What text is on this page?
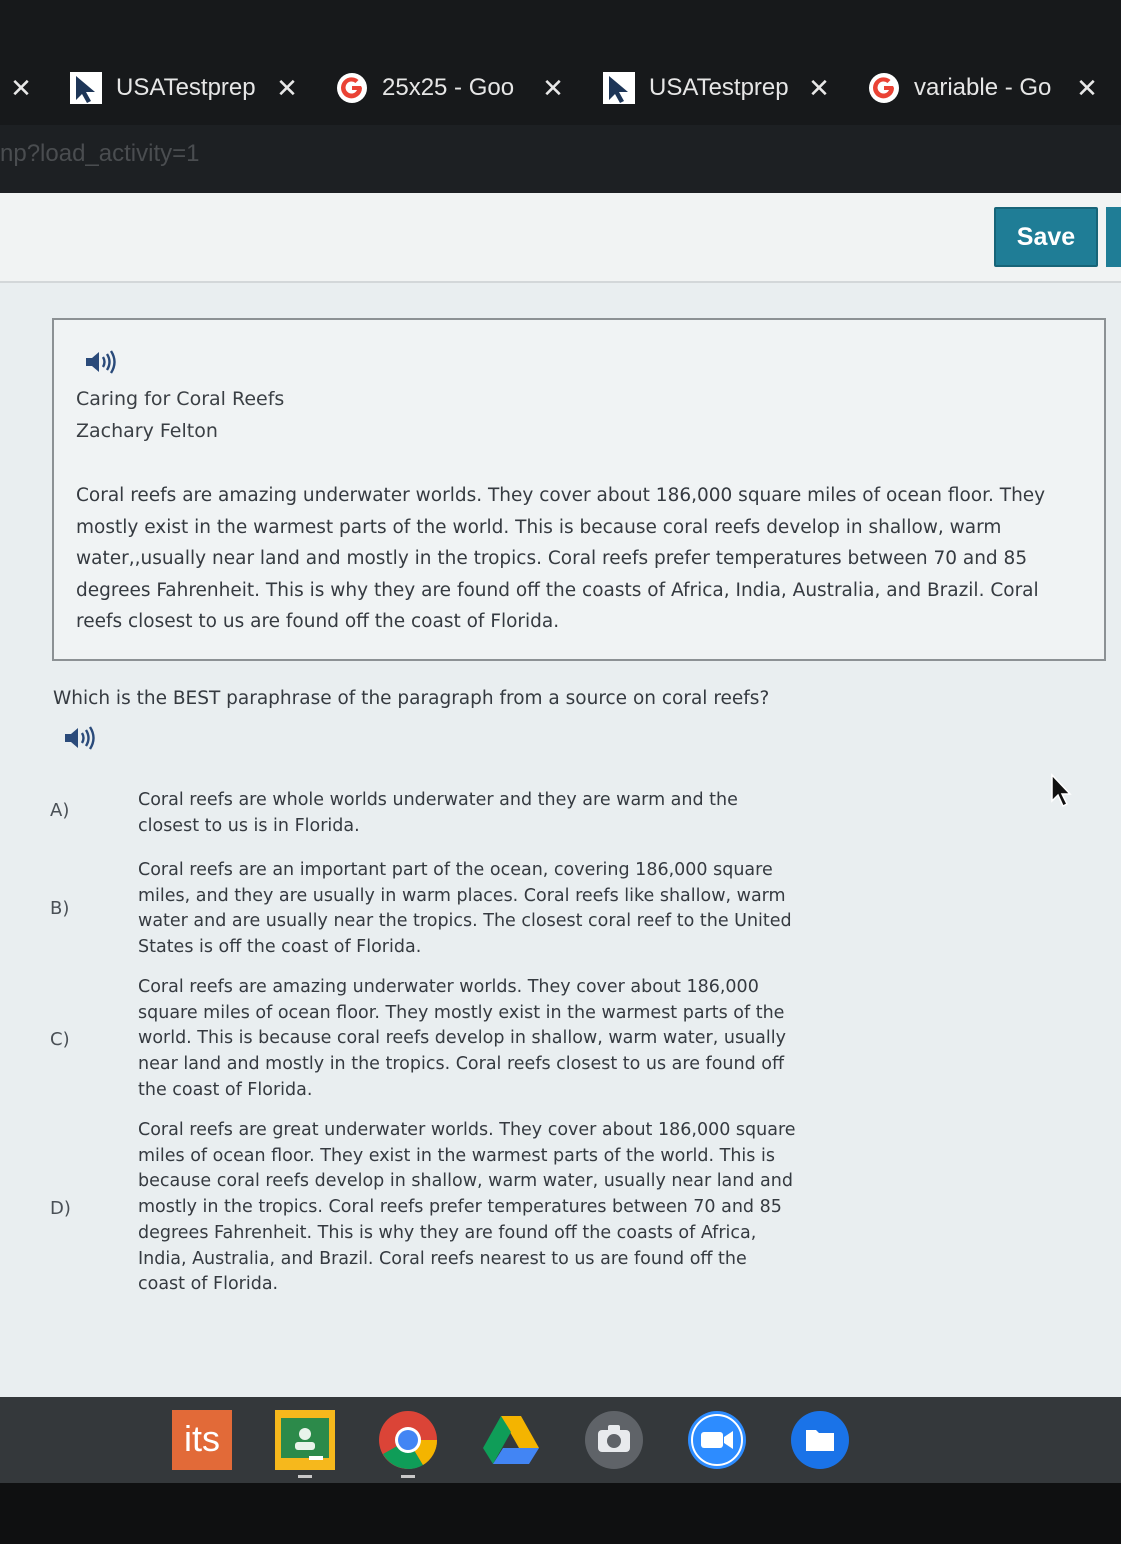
✕	USATestprep ✕	25x25 - Goo ✕	USATestprep ✕	variable - Go ✕
np?load_activity=1
Save
Caring for Coral Reefs
Zachary Felton
Coral reefs are amazing underwater worlds. They cover about 186,000 square miles of ocean floor. They mostly exist in the warmest parts of the world. This is because coral reefs develop in shallow, warm water,,usually near land and mostly in the tropics. Coral reefs prefer temperatures between 70 and 85 degrees Fahrenheit. This is why they are found off the coasts of Africa, India, Australia, and Brazil. Coral reefs closest to us are found off the coast of Florida.
Which is the BEST paraphrase of the paragraph from a source on coral reefs?
A)	Coral reefs are whole worlds underwater and they are warm and the closest to us is in Florida.
B)
Coral reefs are an important part of the ocean, covering 186,000 square miles, and they are usually in warm places. Coral reefs like shallow, warm water and are usually near the tropics. The closest coral reef to the United States is off the coast of Florida.
C)
Coral reefs are amazing underwater worlds. They cover about 186,000 square miles of ocean floor. They mostly exist in the warmest parts of the world. This is because coral reefs develop in shallow, warm water, usually near land and mostly in the tropics. Coral reefs closest to us are found off the coast of Florida.
D)
Coral reefs are great underwater worlds. They cover about 186,000 square miles of ocean floor. They exist in the warmest parts of the world. This is because coral reefs develop in shallow, warm water, usually near land and mostly in the tropics. Coral reefs prefer temperatures between 70 and 85 degrees Fahrenheit. This is why they are found off the coasts of Africa, India, Australia, and Brazil. Coral reefs nearest to us are found off the coast of Florida.
its
